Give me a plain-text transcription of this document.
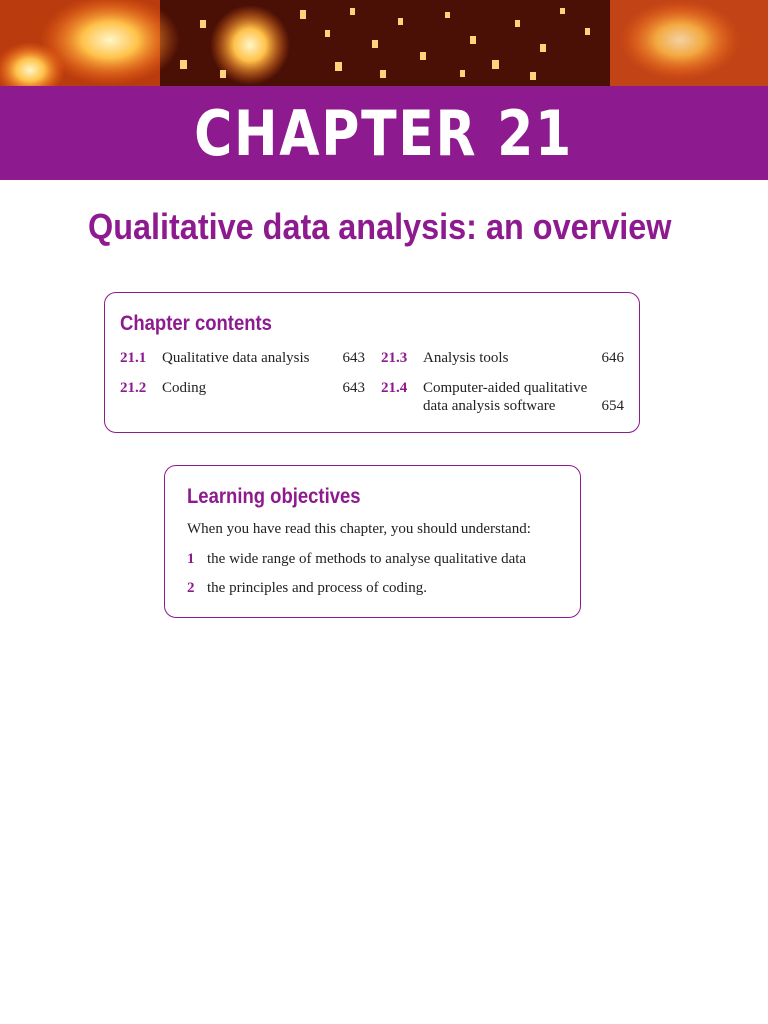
CHAPTER 21
Qualitative data analysis: an overview
Chapter contents
21.1 Qualitative data analysis	643
21.2 Coding	643
21.3 Analysis tools	646
21.4 Computer-aided qualitative data analysis software	654
Learning objectives
When you have read this chapter, you should understand:
1 the wide range of methods to analyse qualitative data
2 the principles and process of coding.
